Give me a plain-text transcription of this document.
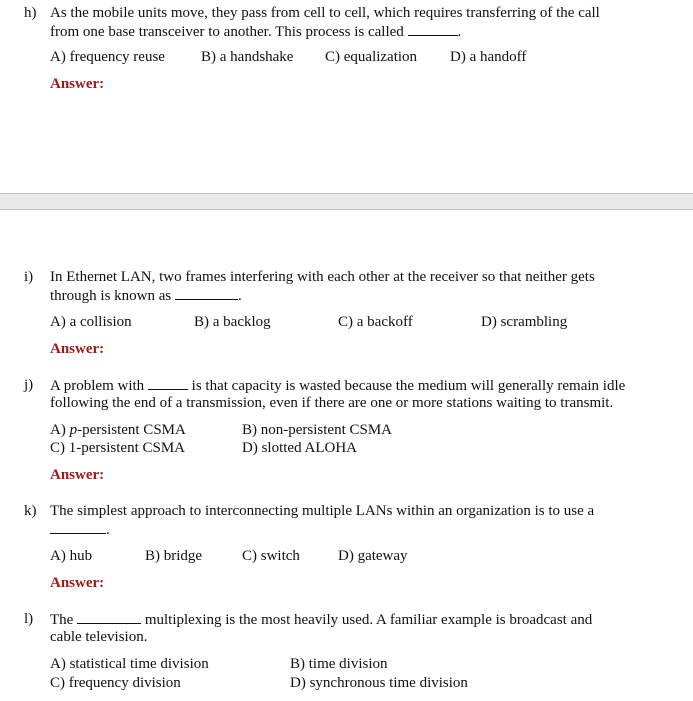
h) As the mobile units move, they pass from cell to cell, which requires transferring of the call
from one base transceiver to another. This process is called	.
A) frequency reuse B) a handshake C) equalization D) a handoff
Answer:
i) In Ethernet LAN, two frames interfering with each other at the receiver so that neither gets
through is known as	.
A) a collision	B) a backlog	C) a backoff	D) scrambling
Answer:
j) A problem with	is that capacity is wasted because the medium will generally remain idle
following the end of a transmission, even if there are one or more stations waiting to transmit.
A) p-persistent CSMA	B) non-persistent CSMA
C) 1-persistent CSMA	D) slotted ALOHA
Answer:
k) The simplest approach to interconnecting multiple LANs within an organization is to use a
.
A) hub	B) bridge	C) switch	D) gateway
Answer:
l) The	multiplexing is the most heavily used. A familiar example is broadcast and
cable television.
A) statistical time division	B) time division
C) frequency division	D) synchronous time division
